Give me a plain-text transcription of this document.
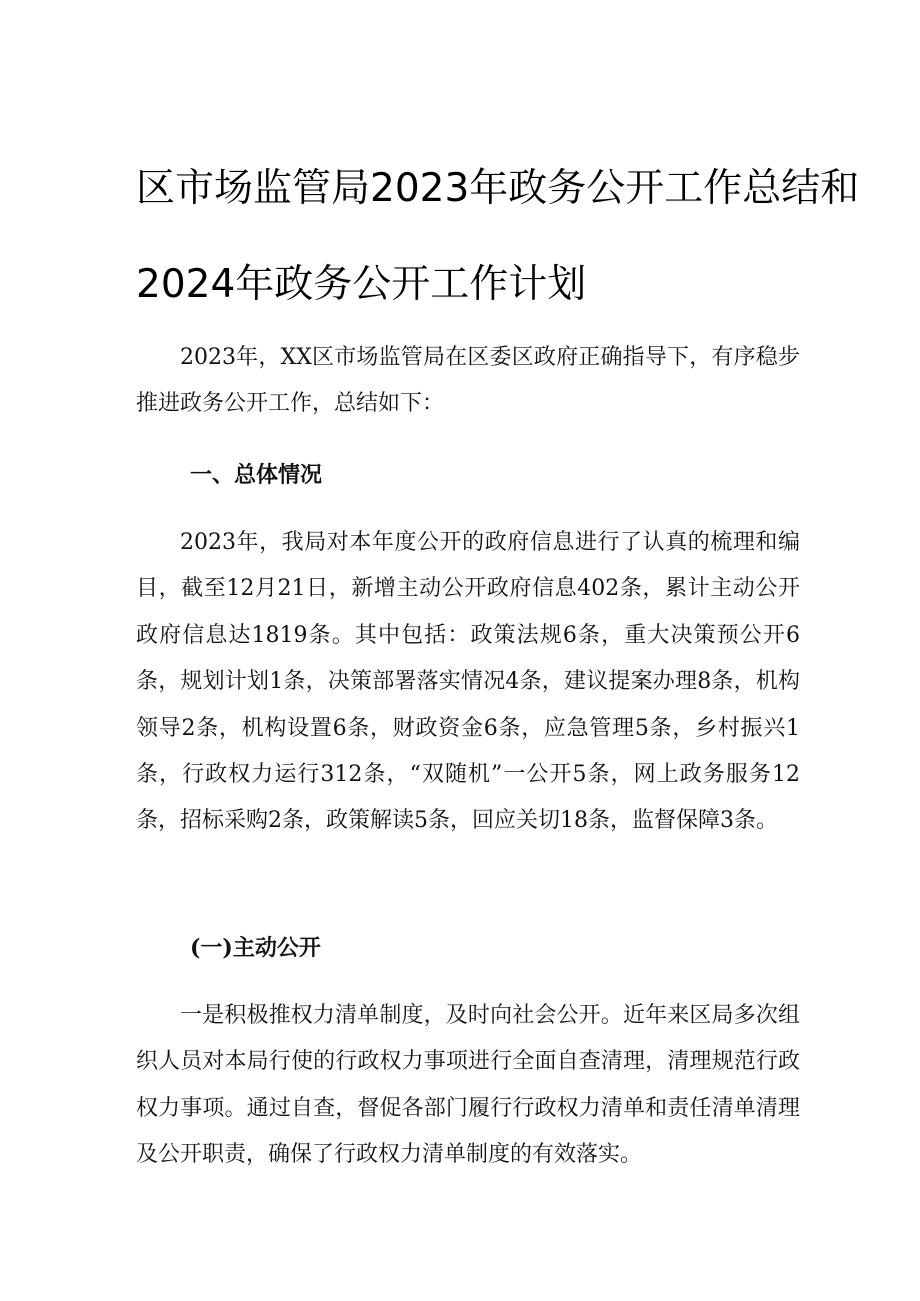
区市场监管局2023年政务公开工作总结和
2024年政务公开工作计划

2023年，XX区市场监管局在区委区政府正确指导下，有序稳步推进政务公开工作，总结如下：

一、总体情况

2023年，我局对本年度公开的政府信息进行了认真的梳理和编目，截至12月21日，新增主动公开政府信息402条，累计主动公开政府信息达1819条。其中包括：政策法规6条，重大决策预公开6条，规划计划1条，决策部署落实情况4条，建议提案办理8条，机构领导2条，机构设置6条，财政资金6条，应急管理5条，乡村振兴1条，行政权力运行312条，“双随机”一公开5条，网上政务服务12条，招标采购2条，政策解读5条，回应关切18条，监督保障3条。

(一)主动公开

一是积极推权力清单制度，及时向社会公开。近年来区局多次组织人员对本局行使的行政权力事项进行全面自查清理，清理规范行政权力事项。通过自查，督促各部门履行行政权力清单和责任清单清理及公开职责，确保了行政权力清单制度的有效落实。
